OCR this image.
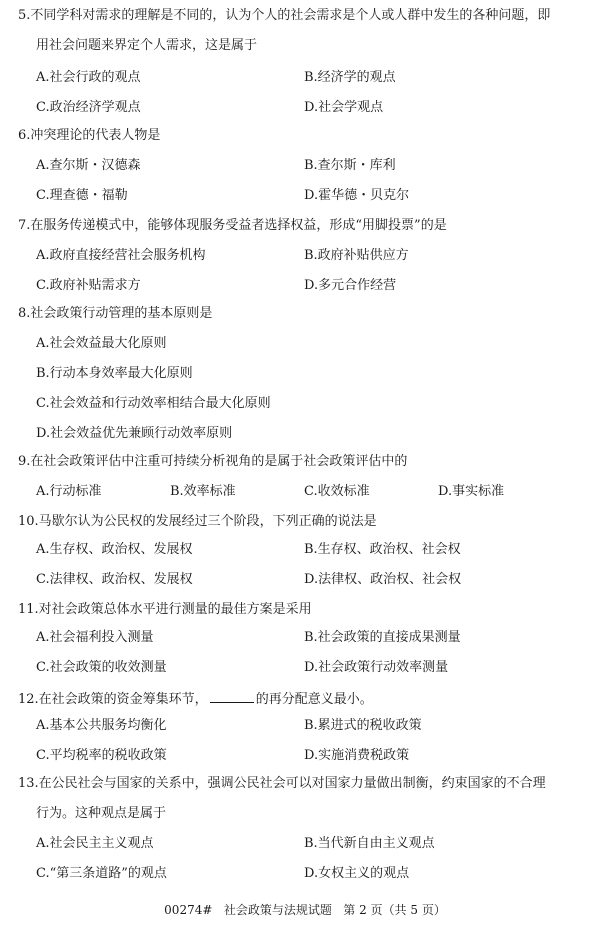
5.不同学科对需求的理解是不同的，认为个人的社会需求是个人或人群中发生的各种问题，即
用社会问题来界定个人需求，这是属于
A.社会行政的观点	B.经济学的观点
C.政治经济学观点	D.社会学观点
6.冲突理论的代表人物是
A.查尔斯・汉德森	B.查尔斯・库利
C.理查德・福勒	D.霍华德・贝克尔
7.在服务传递模式中，能够体现服务受益者选择权益，形成“用脚投票”的是
A.政府直接经营社会服务机构	B.政府补贴供应方
C.政府补贴需求方	D.多元合作经营
8.社会政策行动管理的基本原则是
A.社会效益最大化原则
B.行动本身效率最大化原则
C.社会效益和行动效率相结合最大化原则
D.社会效益优先兼顾行动效率原则
9.在社会政策评估中注重可持续分析视角的是属于社会政策评估中的
A.行动标准	B.效率标准	C.收效标准	D.事实标准
10.马歇尔认为公民权的发展经过三个阶段，下列正确的说法是
A.生存权、政治权、发展权	B.生存权、政治权、社会权
C.法律权、政治权、发展权	D.法律权、政治权、社会权
11.对社会政策总体水平进行测量的最佳方案是采用
A.社会福利投入测量	B.社会政策的直接成果测量
C.社会政策的收效测量	D.社会政策行动效率测量
12.在社会政策的资金筹集环节，	的再分配意义最小。
A.基本公共服务均衡化	B.累进式的税收政策
C.平均税率的税收政策	D.实施消费税政策
13.在公民社会与国家的关系中，强调公民社会可以对国家力量做出制衡，约束国家的不合理
行为。这种观点是属于
A.社会民主主义观点	B.当代新自由主义观点
C.“第三条道路”的观点	D.女权主义的观点
00274#   社会政策与法规试题   第 2 页（共 5 页）
